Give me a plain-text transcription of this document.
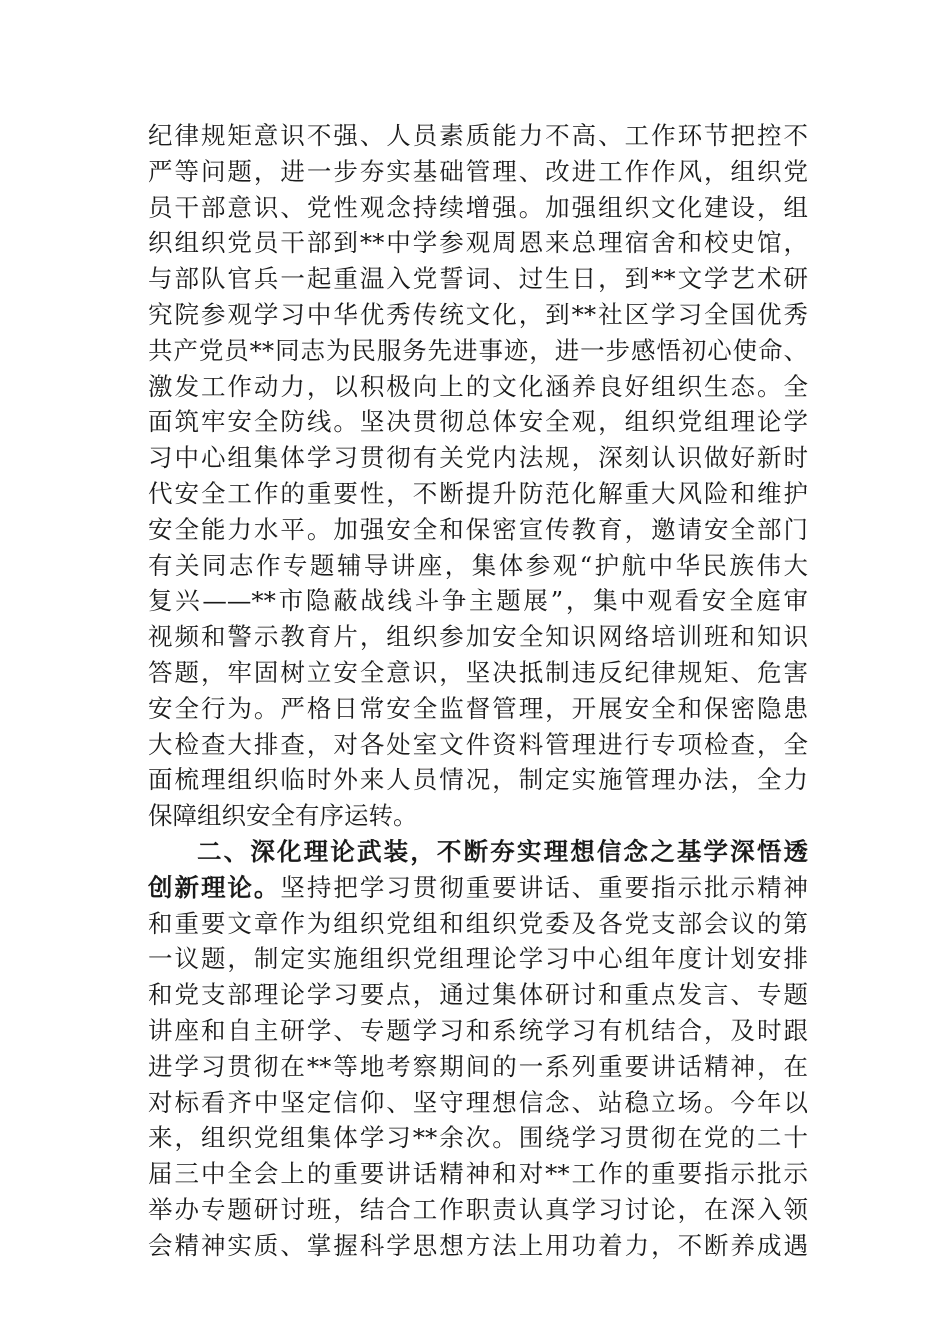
纪律规矩意识不强、人员素质能力不高、工作环节把控不
严等问题，进一步夯实基础管理、改进工作作风，组织党
员干部意识、党性观念持续增强。加强组织文化建设，组
织组织党员干部到**中学参观周恩来总理宿舍和校史馆，
与部队官兵一起重温入党誓词、过生日，到**文学艺术研
究院参观学习中华优秀传统文化，到**社区学习全国优秀
共产党员**同志为民服务先进事迹，进一步感悟初心使命、
激发工作动力，以积极向上的文化涵养良好组织生态。全
面筑牢安全防线。坚决贯彻总体安全观，组织党组理论学
习中心组集体学习贯彻有关党内法规，深刻认识做好新时
代安全工作的重要性，不断提升防范化解重大风险和维护
安全能力水平。加强安全和保密宣传教育，邀请安全部门
有关同志作专题辅导讲座，集体参观“护航中华民族伟大
复兴——**市隐蔽战线斗争主题展”，集中观看安全庭审
视频和警示教育片，组织参加安全知识网络培训班和知识
答题，牢固树立安全意识，坚决抵制违反纪律规矩、危害
安全行为。严格日常安全监督管理，开展安全和保密隐患
大检查大排查，对各处室文件资料管理进行专项检查，全
面梳理组织临时外来人员情况，制定实施管理办法，全力
保障组织安全有序运转。
二、深化理论武装，不断夯实理想信念之基学深悟透
创新理论。坚持把学习贯彻重要讲话、重要指示批示精神
和重要文章作为组织党组和组织党委及各党支部会议的第
一议题，制定实施组织党组理论学习中心组年度计划安排
和党支部理论学习要点，通过集体研讨和重点发言、专题
讲座和自主研学、专题学习和系统学习有机结合，及时跟
进学习贯彻在**等地考察期间的一系列重要讲话精神，在
对标看齐中坚定信仰、坚守理想信念、站稳立场。今年以
来，组织党组集体学习**余次。围绕学习贯彻在党的二十
届三中全会上的重要讲话精神和对**工作的重要指示批示
举办专题研讨班，结合工作职责认真学习讨论，在深入领
会精神实质、掌握科学思想方法上用功着力，不断养成遇
